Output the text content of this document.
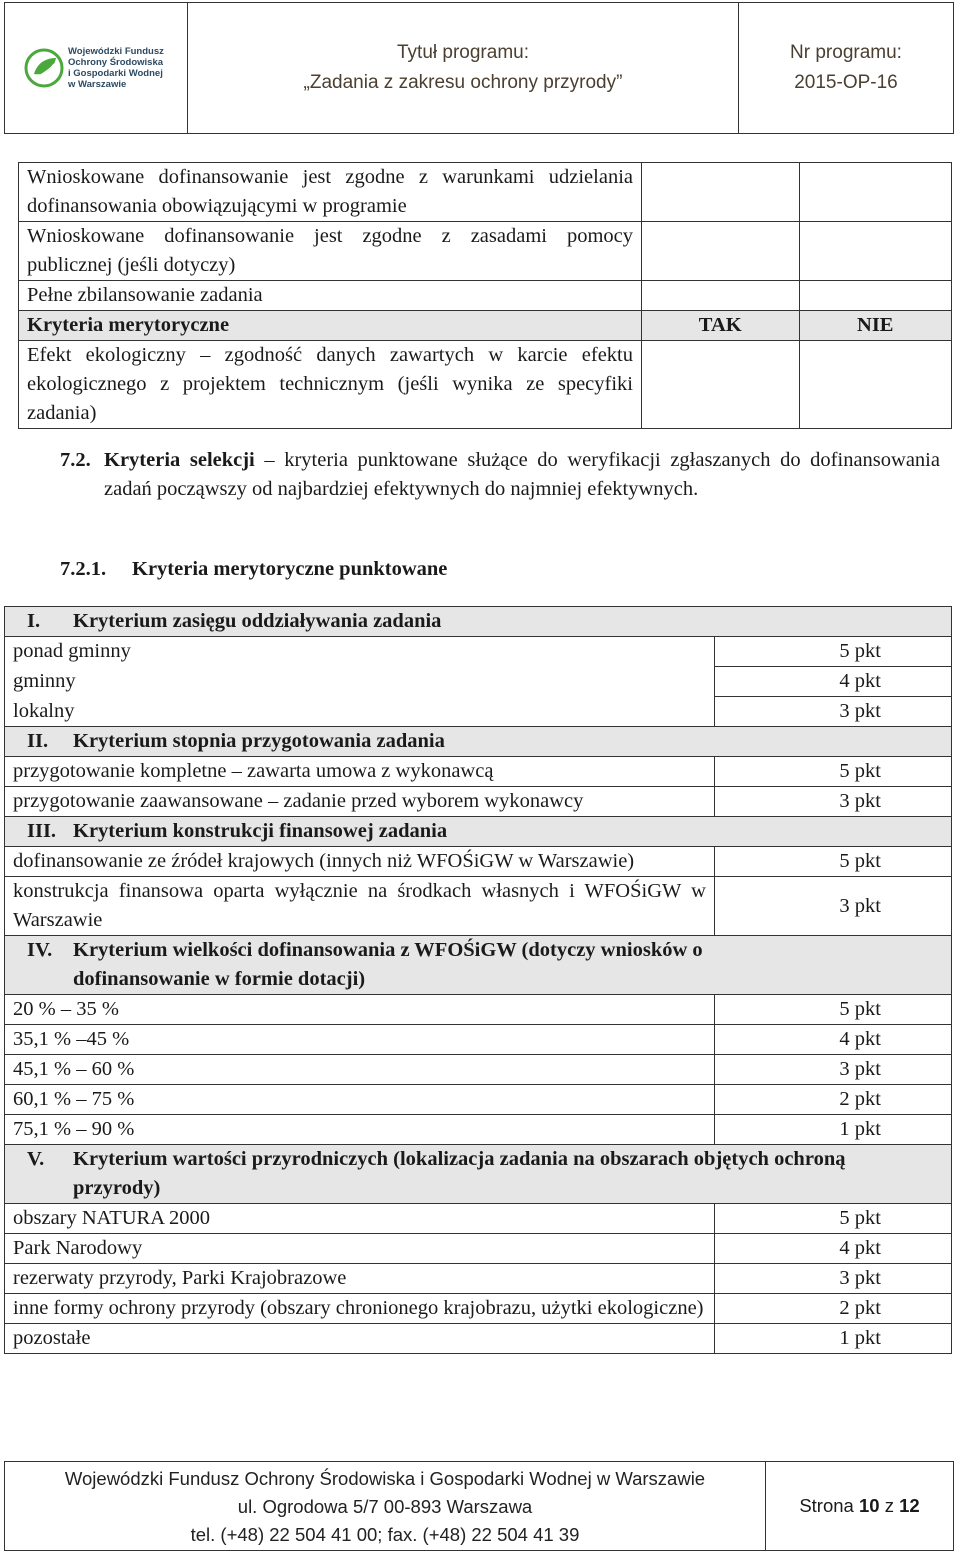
Wojewódzki Fundusz
Ochrony Środowiska
i Gospodarki Wodnej
w Warszawie
Tytuł programu:
„Zadania z zakresu ochrony przyrody”
Nr programu:
2015-OP-16
Wnioskowane dofinansowanie jest zgodne z warunkami udzielania dofinansowania obowiązującymi w programie		
Wnioskowane dofinansowanie jest zgodne z zasadami pomocy publicznej (jeśli dotyczy)		
Pełne zbilansowanie zadania		
Kryteria merytoryczne	TAK	NIE
Efekt ekologiczny – zgodność danych zawartych w karcie efektu ekologicznego z projektem technicznym (jeśli wynika ze specyfiki zadania)		
7.2. Kryteria selekcji – kryteria punktowane służące do weryfikacji zgłaszanych do dofinansowania zadań począwszy od najbardziej efektywnych do najmniej efektywnych.
7.2.1. Kryteria merytoryczne punktowane
I. Kryterium zasięgu oddziaływania zadania	
ponad gminny	5 pkt
gminny	4 pkt
lokalny	3 pkt
II. Kryterium stopnia przygotowania zadania	
przygotowanie kompletne – zawarta umowa z wykonawcą	5 pkt
przygotowanie zaawansowane – zadanie przed wyborem wykonawcy	3 pkt
III. Kryterium konstrukcji finansowej zadania	
dofinansowanie ze źródeł krajowych (innych niż WFOŚiGW w Warszawie)	5 pkt
konstrukcja finansowa oparta wyłącznie na środkach własnych i WFOŚiGW w Warszawie	3 pkt

IV. Kryterium wielkości dofinansowania z WFOŚiGW (dotyczy wniosków o dofinansowanie w formie dotacji)	

20 % – 35 %	5 pkt
35,1 % –45 %	4 pkt
45,1 % – 60 %	3 pkt
60,1 % – 75 %	2 pkt
75,1 % – 90 %	1 pkt

V. Kryterium wartości przyrodniczych (lokalizacja zadania na obszarach objętych ochroną przyrody)	

obszary NATURA 2000	5 pkt
Park Narodowy	4 pkt
rezerwaty przyrody, Parki Krajobrazowe	3 pkt
inne formy ochrony przyrody (obszary chronionego krajobrazu, użytki ekologiczne)	2 pkt
pozostałe	1 pkt
Wojewódzki Fundusz Ochrony Środowiska i Gospodarki Wodnej w Warszawie
ul. Ogrodowa 5/7 00-893 Warszawa
tel. (+48) 22 504 41 00; fax. (+48) 22 504 41 39
Strona
10
z
12
